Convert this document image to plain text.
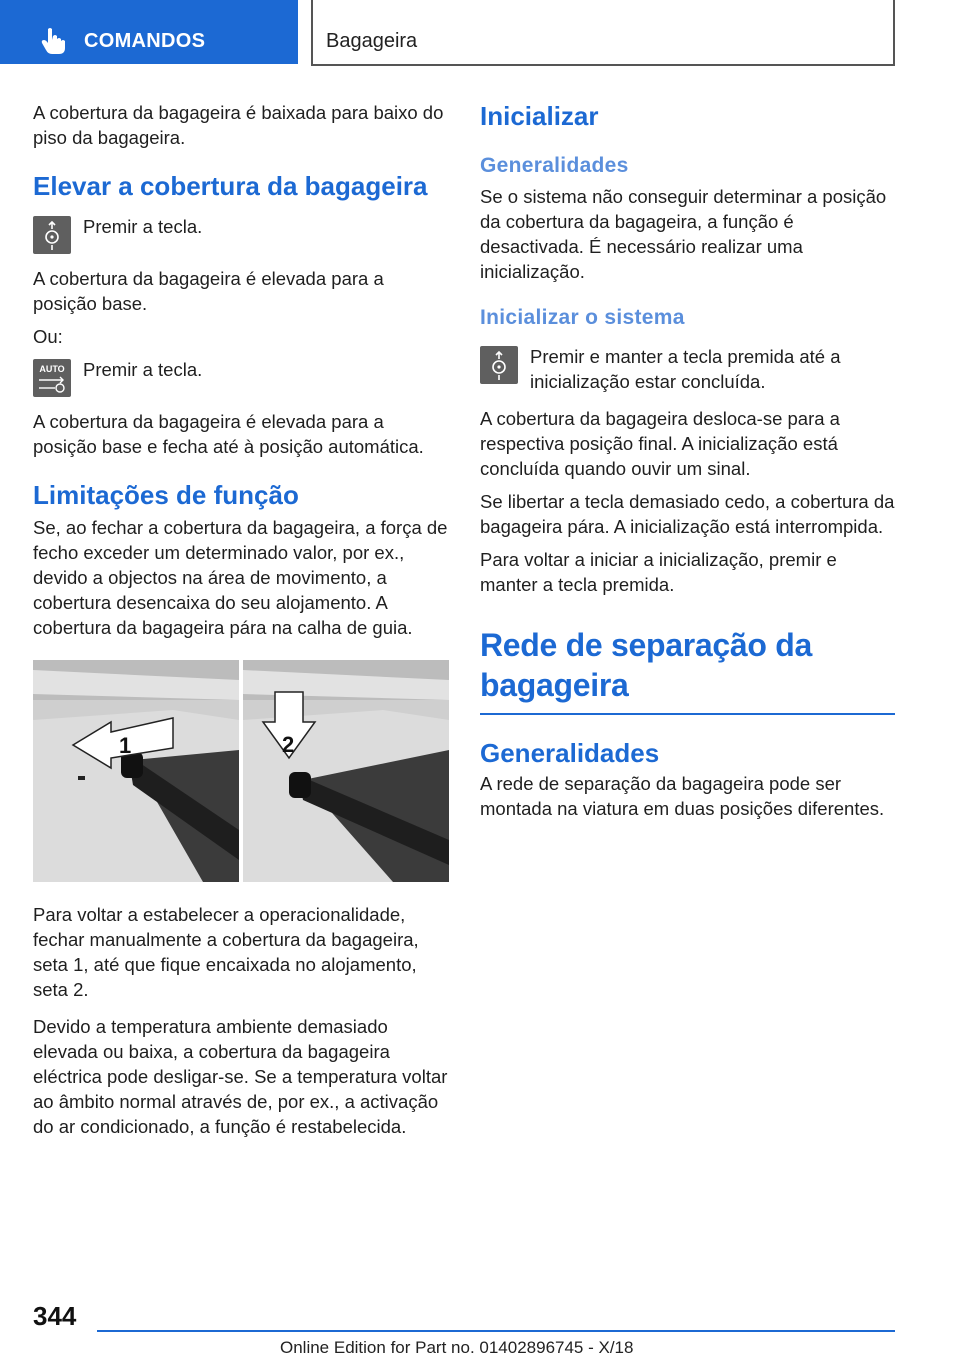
COMANDOS	Bagageira

A cobertura da bagageira é baixada para baixo do piso da bagageira.

Elevar a cobertura da bagageira

Premir a tecla.

A cobertura da bagageira é elevada para a posição base.

Ou:

AUTO Premir a tecla.

A cobertura da bagageira é elevada para a posição base e fecha até à posição automática.

Limitações de função

Se, ao fechar a cobertura da bagageira, a força de fecho exceder um determinado valor, por ex., devido a objectos na área de movimento, a cobertura desencaixa do seu alojamento. A cobertura da bagageira pára na calha de guia.

1	2

Para voltar a estabelecer a operacionalidade, fechar manualmente a cobertura da bagageira, seta 1, até que fique encaixada no alojamento, seta 2.

Devido a temperatura ambiente demasiado elevada ou baixa, a cobertura da bagageira eléctrica pode desligar-se. Se a temperatura voltar ao âmbito normal através de, por ex., a activação do ar condicionado, a função é restabelecida.

Inicializar
Generalidades

Se o sistema não conseguir determinar a posição da cobertura da bagageira, a função é desactivada. É necessário realizar uma inicialização.

Inicializar o sistema

Premir e manter a tecla premida até a inicialização estar concluída.

A cobertura da bagageira desloca-se para a respectiva posição final. A inicialização está concluída quando ouvir um sinal.

Se libertar a tecla demasiado cedo, a cobertura da bagageira pára. A inicialização está interrompida.

Para voltar a iniciar a inicialização, premir e manter a tecla premida.

Rede de separação da bagageira
Generalidades

A rede de separação da bagageira pode ser montada na viatura em duas posições diferentes.

344
Online Edition for Part no. 01402896745 - X/18
